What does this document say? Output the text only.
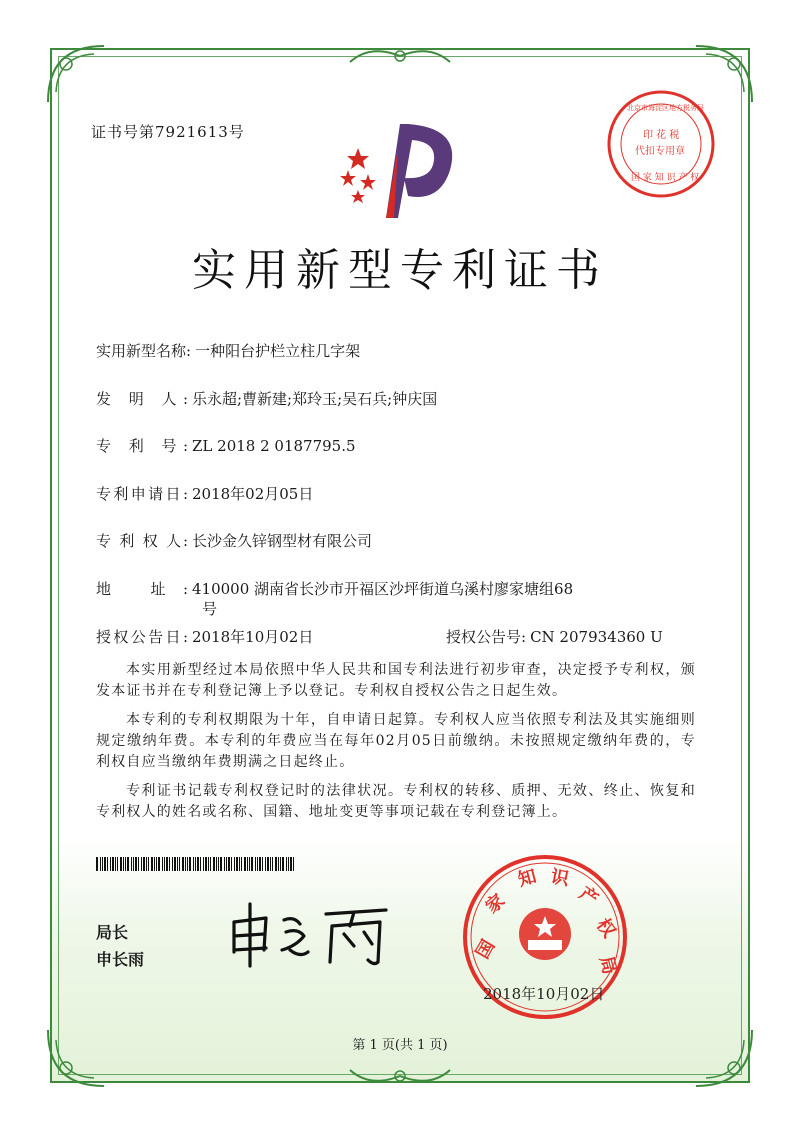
证书号第7921613号
实用新型专利证书
实用新型名称: 一种阳台护栏立柱几字架
发 明 人: 乐永超;曹新建;郑玲玉;吴石兵;钟庆国
专 利 号: ZL 2018 2 0187795.5
专利申请日: 2018年02月05日
专 利 权 人: 长沙金久锌钢型材有限公司
地 址: 410000 湖南省长沙市开福区沙坪街道乌溪村廖家塘组68
号
授权公告日: 2018年10月02日	授权公告号: CN 207934360 U
本实用新型经过本局依照中华人民共和国专利法进行初步审查，决定授予专利权，颁发本证书并在专利登记簿上予以登记。专利权自授权公告之日起生效。
本专利的专利权期限为十年，自申请日起算。专利权人应当依照专利法及其实施细则规定缴纳年费。本专利的年费应当在每年02月05日前缴纳。未按照规定缴纳年费的，专利权自应当缴纳年费期满之日起终止。
专利证书记载专利权登记时的法律状况。专利权的转移、质押、无效、终止、恢复和专利权人的姓名或名称、国籍、地址变更等事项记载在专利登记簿上。
局长
申长雨	国
家
知 识
产
权
局
2018年10月02日
印 花 税
代扣专用章
国 家 知 识 产 权
北京市海淀区地方税务局
第 1 页(共 1 页)
